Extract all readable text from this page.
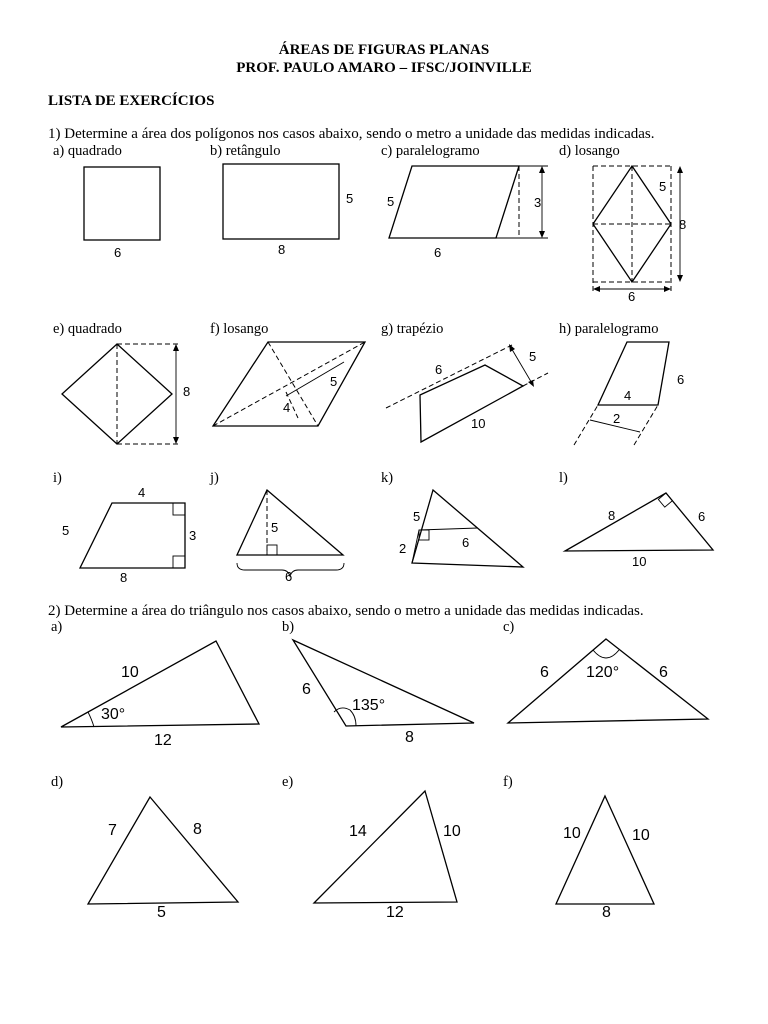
ÁREAS DE FIGURAS PLANAS
PROF. PAULO AMARO – IFSC/JOINVILLE
LISTA DE EXERCÍCIOS
1) Determine a área dos polígonos nos casos abaixo, sendo o metro a unidade das medidas indicadas.
a) quadrado	b) retângulo	c) paralelogramo	d) losango
e) quadrado	f) losango	g) trapézio	h) paralelogramo
i)	j)	k)	l)
2) Determine a área do triângulo nos casos abaixo, sendo o metro a unidade das medidas indicadas.
a)	b)	c)
d)	e)	f)
6
5
8
5	3
6
5
8
6
8
5
4
6
5
10
6
4
2
4
5	3
8
5
6
5
2	6
8	6
10
10
30°
12
6
135°
8
6 120° 6
7	8
5
14	10
12
10	10
8
